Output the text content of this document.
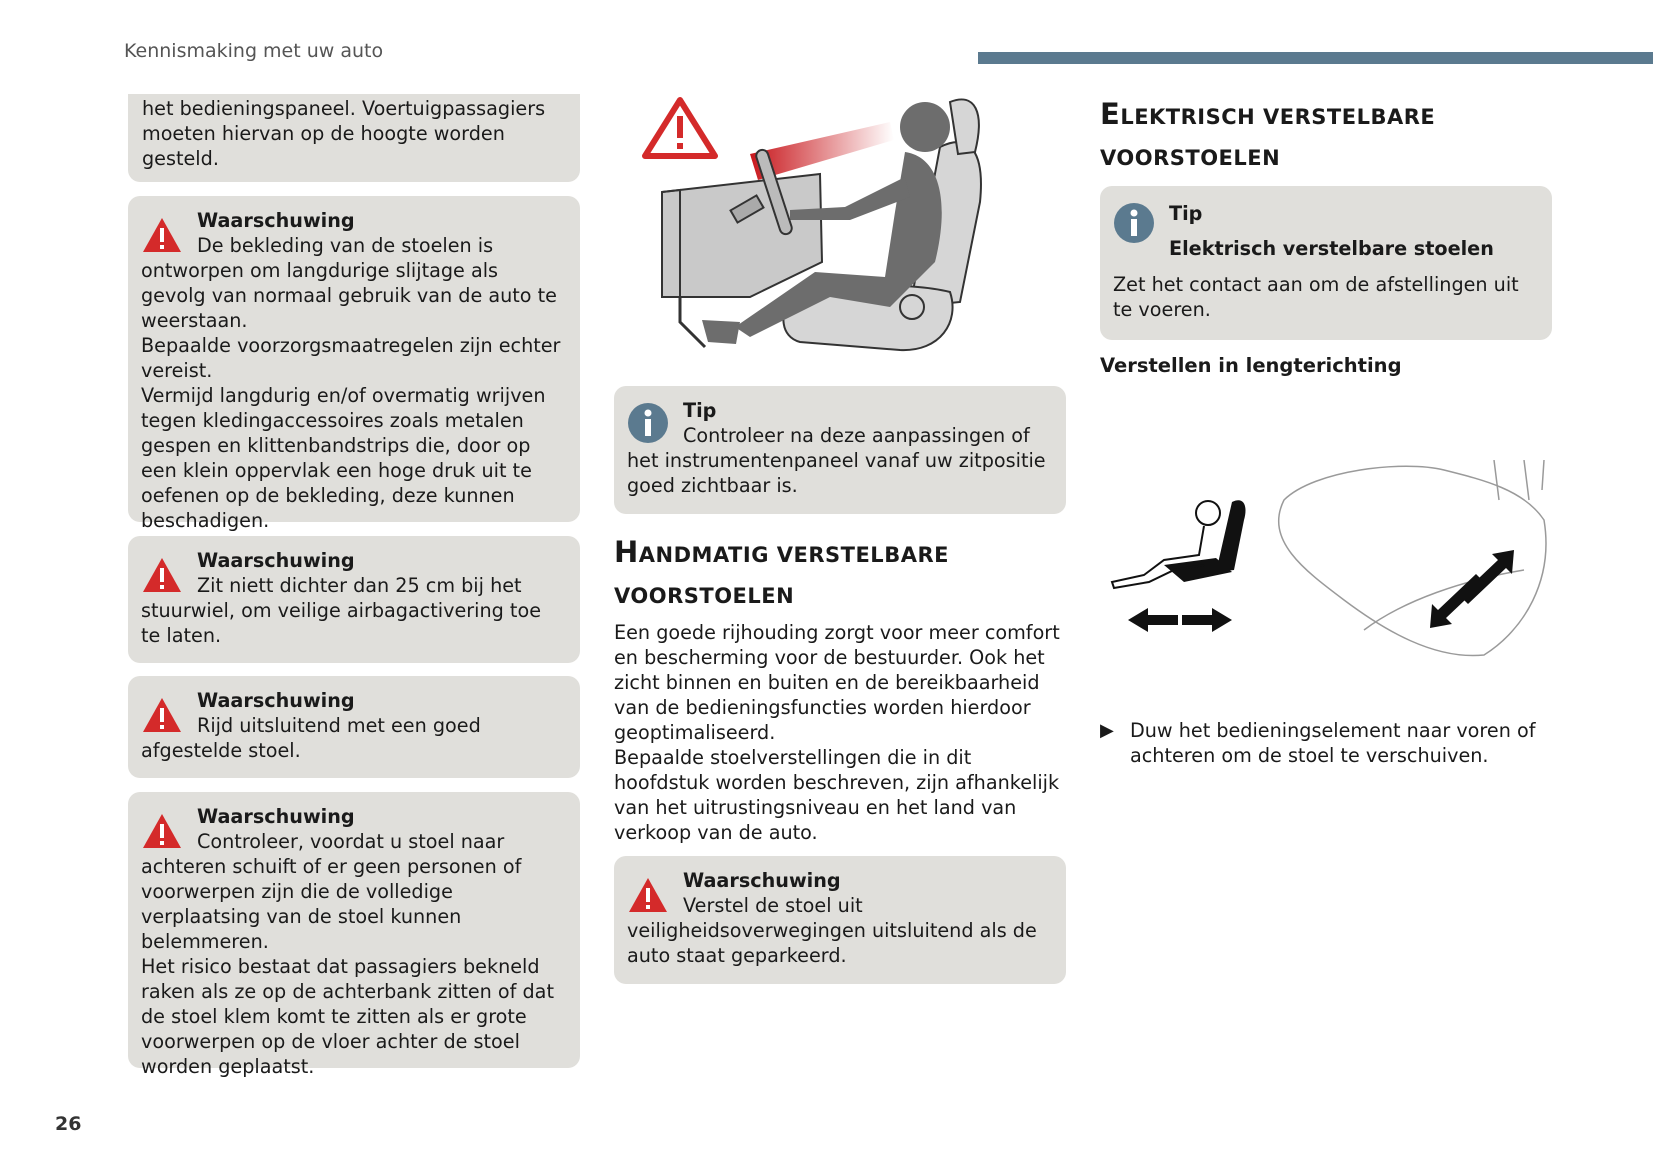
Kennismaking met uw auto
het bedieningspaneel. Voertuigpassagiers moeten hiervan op de hoogte worden gesteld.
Waarschuwing
De bekleding van de stoelen is
ontworpen om langdurige slijtage als gevolg van normaal gebruik van de auto te weerstaan.
Bepaalde voorzorgsmaatregelen zijn echter vereist.
Vermijd langdurig en/of overmatig wrijven tegen kledingaccessoires zoals metalen gespen en klittenbandstrips die, door op een klein oppervlak een hoge druk uit te oefenen op de bekleding, deze kunnen beschadigen.
Waarschuwing
Zit niett dichter dan 25 cm bij het
stuurwiel, om veilige airbagactivering toe te laten.
Waarschuwing
Rijd uitsluitend met een goed
afgestelde stoel.
Waarschuwing
Controleer, voordat u stoel naar
achteren schuift of er geen personen of voorwerpen zijn die de volledige verplaatsing van de stoel kunnen belemmeren.
Het risico bestaat dat passagiers bekneld raken als ze op de achterbank zitten of dat de stoel klem komt te zitten als er grote voorwerpen op de vloer achter de stoel worden geplaatst.
Tip
Controleer na deze aanpassingen of
het instrumentenpaneel vanaf uw zitpositie goed zichtbaar is.
HANDMATIG VERSTELBARE
VOORSTOELEN

Een goede rijhouding zorgt voor meer comfort en bescherming voor de bestuurder. Ook het zicht binnen en buiten en de bereikbaarheid van de bedieningsfuncties worden hierdoor geoptimaliseerd.
Bepaalde stoelverstellingen die in dit hoofdstuk worden beschreven, zijn afhankelijk van het uitrustingsniveau en het land van verkoop van de auto.

Waarschuwing
Verstel de stoel uit
veiligheidsoverwegingen uitsluitend als de auto staat geparkeerd.
ELEKTRISCH VERSTELBARE
VOORSTOELEN
Tip
Elektrisch verstelbare stoelen
Zet het contact aan om de afstellingen uit te voeren.
Verstellen in lengterichting
▶ Duw het bedieningselement naar voren of achteren om de stoel te verschuiven.
26
